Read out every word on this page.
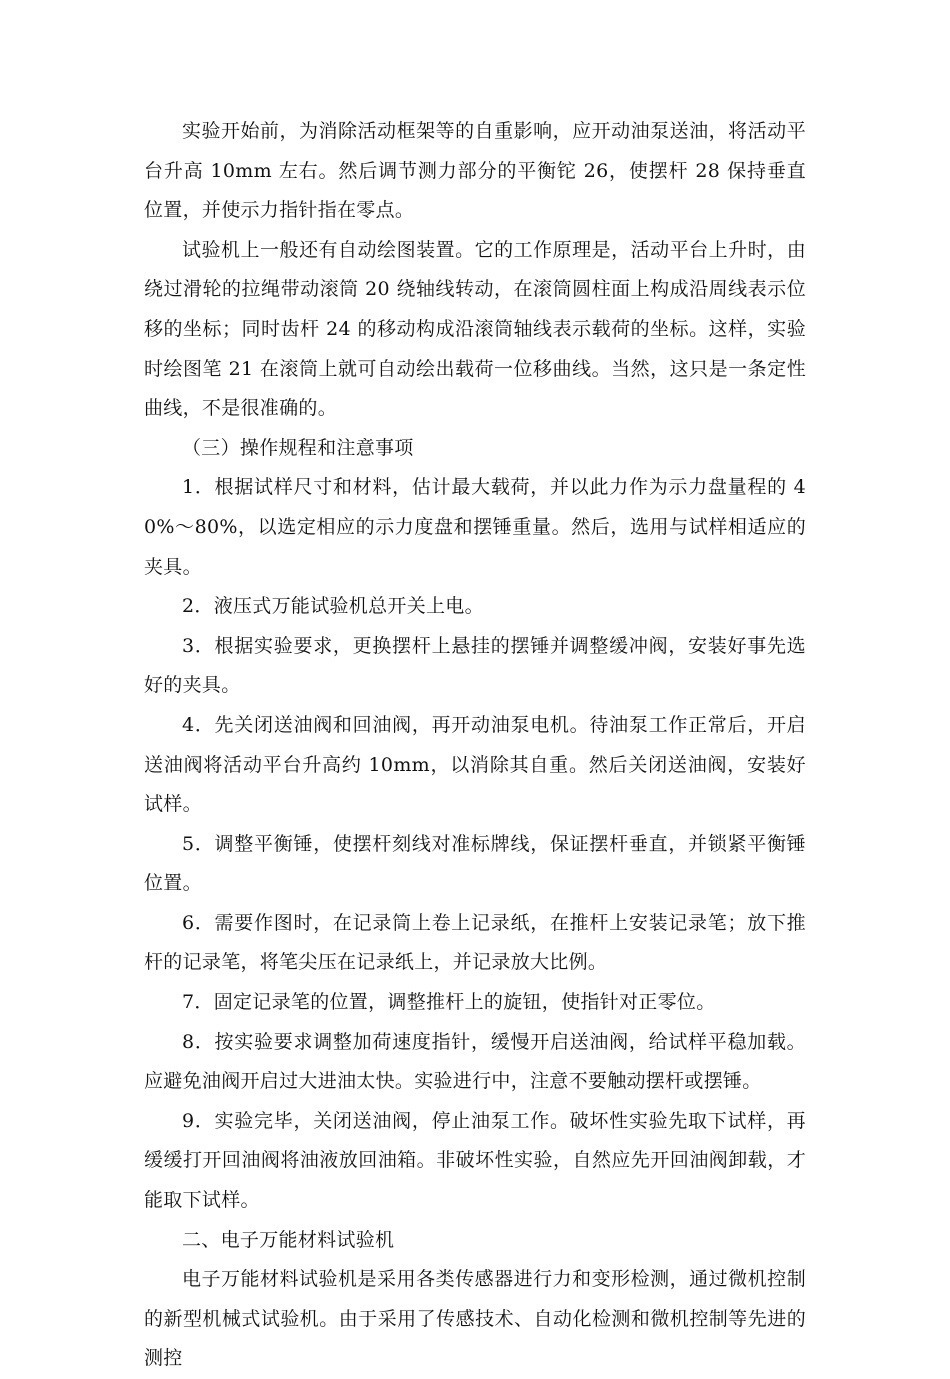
实验开始前，为消除活动框架等的自重影响，应开动油泵送油，将活动平台升高 10mm 左右。然后调节测力部分的平衡铊 26，使摆杆 28 保持垂直位置，并使示力指针指在零点。

试验机上一般还有自动绘图装置。它的工作原理是，活动平台上升时，由绕过滑轮的拉绳带动滚筒 20 绕轴线转动，在滚筒圆柱面上构成沿周线表示位移的坐标；同时齿杆 24 的移动构成沿滚筒轴线表示载荷的坐标。这样，实验时绘图笔 21 在滚筒上就可自动绘出载荷一位移曲线。当然，这只是一条定性曲线，不是很准确的。

（三）操作规程和注意事项

1．根据试样尺寸和材料，估计最大载荷，并以此力作为示力盘量程的 40%～80%，以选定相应的示力度盘和摆锤重量。然后，选用与试样相适应的夹具。

2．液压式万能试验机总开关上电。

3．根据实验要求，更换摆杆上悬挂的摆锤并调整缓冲阀，安装好事先选好的夹具。

4．先关闭送油阀和回油阀，再开动油泵电机。待油泵工作正常后，开启送油阀将活动平台升高约 10mm，以消除其自重。然后关闭送油阀，安装好试样。

5．调整平衡锤，使摆杆刻线对准标牌线，保证摆杆垂直，并锁紧平衡锤位置。

6．需要作图时，在记录筒上卷上记录纸，在推杆上安装记录笔；放下推杆的记录笔，将笔尖压在记录纸上，并记录放大比例。

7．固定记录笔的位置，调整推杆上的旋钮，使指针对正零位。

8．按实验要求调整加荷速度指针，缓慢开启送油阀，给试样平稳加载。应避免油阀开启过大进油太快。实验进行中，注意不要触动摆杆或摆锤。

9．实验完毕，关闭送油阀，停止油泵工作。破坏性实验先取下试样，再缓缓打开回油阀将油液放回油箱。非破坏性实验，自然应先开回油阀卸载，才能取下试样。

二、电子万能材料试验机

电子万能材料试验机是采用各类传感器进行力和变形检测，通过微机控制的新型机械式试验机。由于采用了传感技术、自动化检测和微机控制等先进的测控
